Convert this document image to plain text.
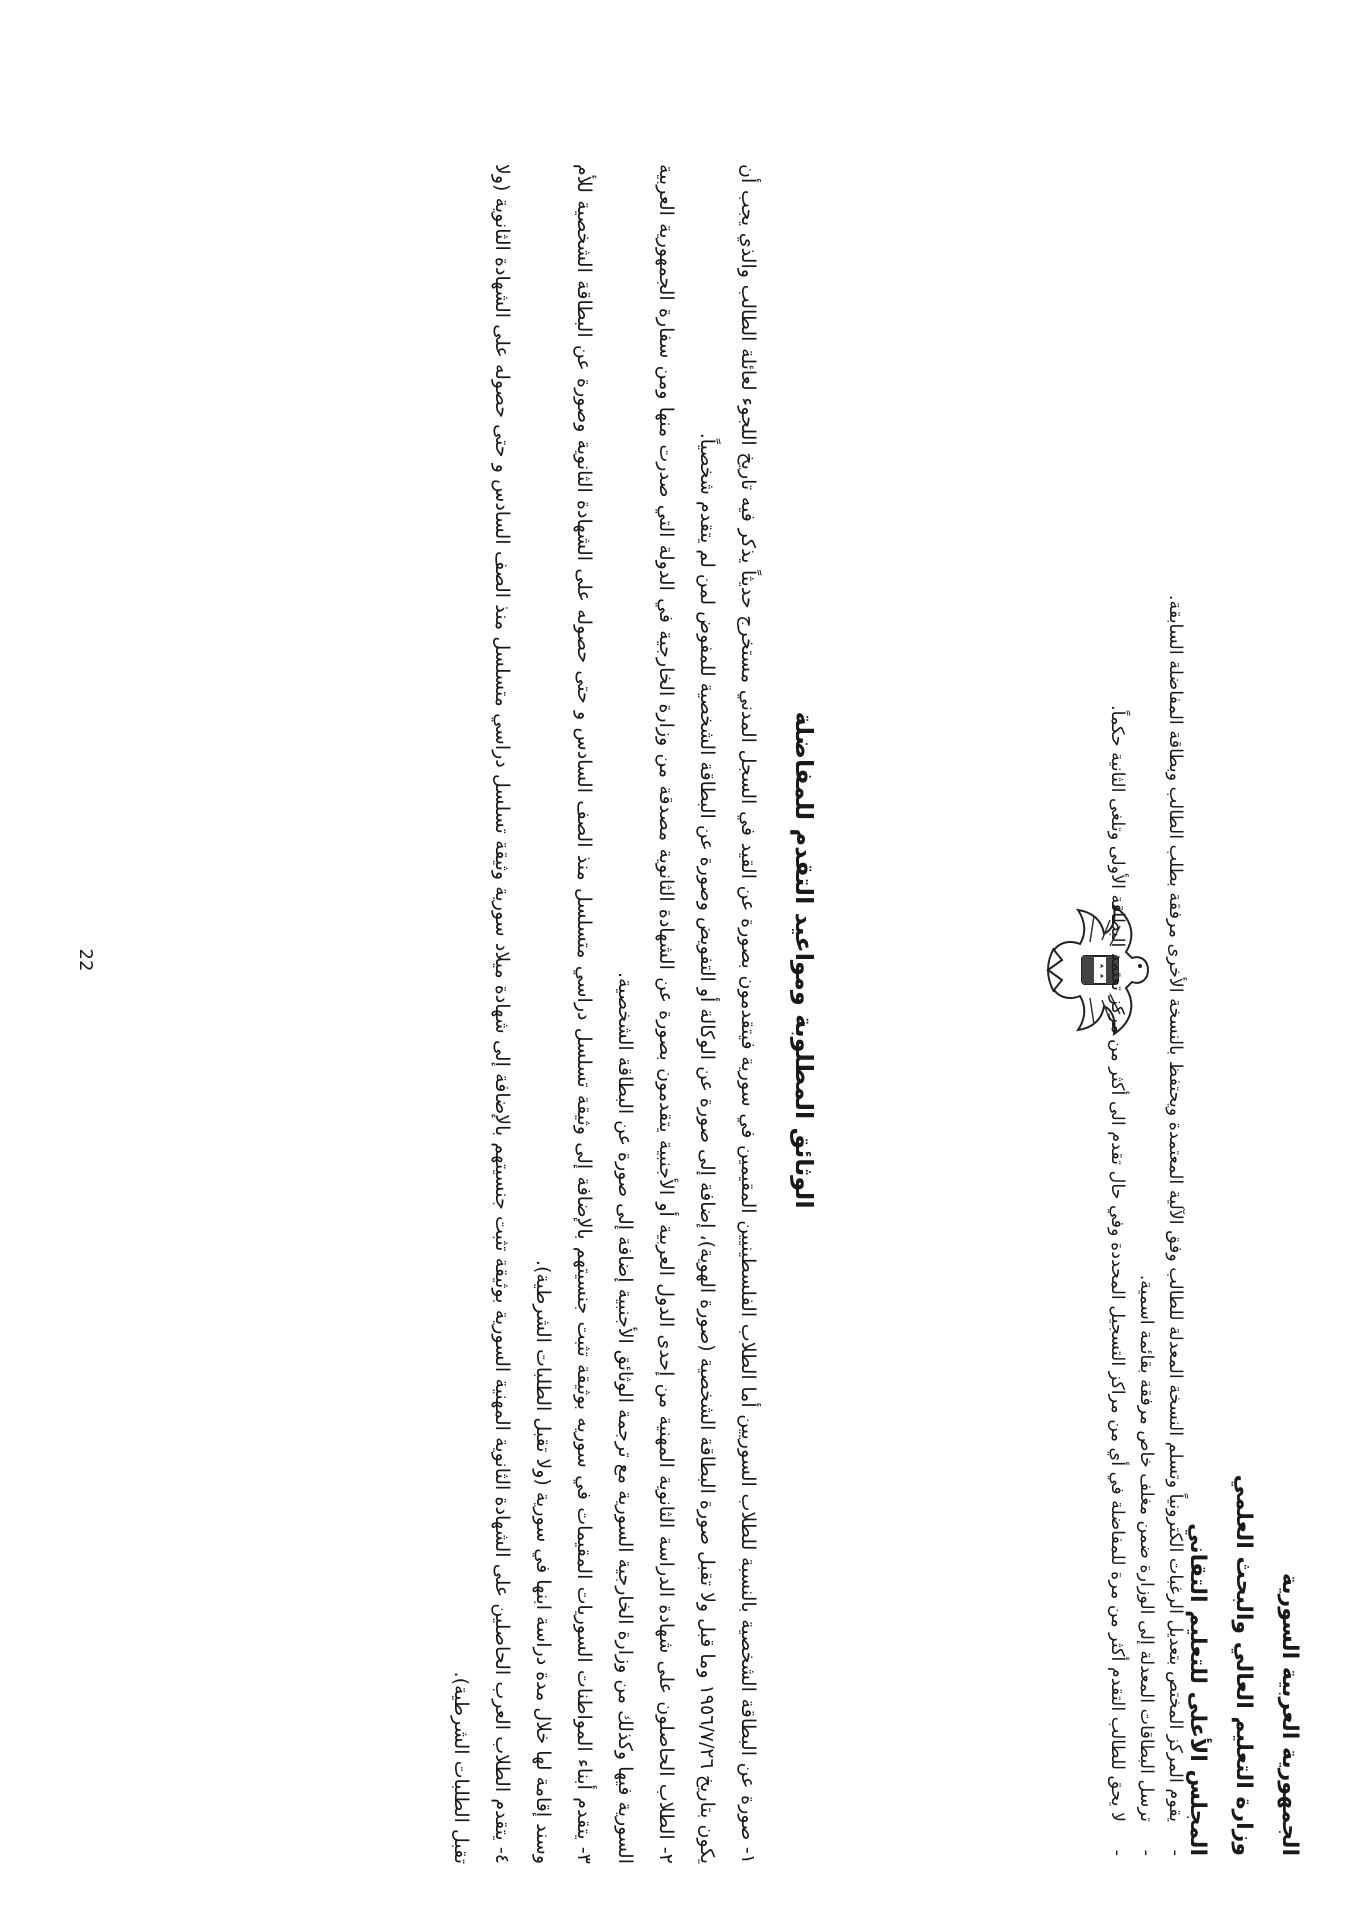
الجمهورية العربية السورية
وزارة التعليم العالي والبحث العلمي
المجلس الأعلى للتعليم التقاني
-
يقوم المركز المختص بتعديل الرغبات الكترونياً وتسلم النسخة المعدلة للطالب وفق الآلية المعتمدة ويحتفظ بالنسخة الأخرى مرفقة بطلب الطالب وبطاقة المفاضلة السابقة.
-
ترسل البطاقات المعدلة إلى الوزارة ضمن مغلف خاص مرفقة بقائمة اسمية.
-
لا يحق للطالب التقدم أكثر من مرة للمفاضلة في أي من مراكز التسجيل المحددة وفي حال تقدم الى أكثر من مركز تعتمد البطاقة الأولى وتلغى الثانية حكماً.
الوثائق المطلوبة ومواعيد التقدم للمفاضلة
١- صورة عن البطاقة الشخصية بالنسبة للطلاب السوريين أما الطلاب الفلسطينيين المقيمين في سورية فيتقدمون بصورة عن القيد في السجل المدني مستخرج حديثاً يذكر فيه تاريخ اللجوء لعائلة الطالب والذي يجب أن يكون بتاريخ ١٩٥٦/٧/٢٦ وما قبل ولا تقبل صورة البطاقة الشخصية (صورة الهوية)، إضافة إلى صورة عن الوكالة أو التفويض وصورة عن البطاقة الشخصية للمفوض لمن لم يتقدم شخصياً.
٢- الطلاب الحاصلون على شهادة الدراسة الثانوية المهنية من إحدى الدول العربية أو الأجنبية يتقدمون بصورة عن الشهادة الثانوية مصدقة من وزارة الخارجية في الدولة التي صدرت منها ومن سفارة الجمهورية العربية السورية فيها وكذلك من وزارة الخارجية السورية مع ترجمة الوثائق الأجنبية إضافة إلى صورة عن البطاقة الشخصية.
٣- يتقدم أبناء المواطنات السوريات المقيمات في سوريه بوثيقة تثبت جنسيتهم بالإضافة إلى وثيقة تسلسل دراسي متسلسل منذ الصف السادس و حتى حصوله على الشهادة الثانوية وصورة عن البطاقة الشخصية للأم وسند إقامة لها خلال مدة دراسة ابنها في سورية (ولا تقبل الطلبات الشرطية).
٤- يتقدم الطلاب العرب الحاصلين على الشهادة الثانوية المهنية السورية بوثيقة تثبت جنسيتهم بالإضافة إلى شهادة ميلاد سورية وثيقة تسلسل دراسي متسلسل منذ الصف السادس و حتى حصوله على الشهادة الثانوية (ولا تقبل الطلبات الشرطية).
22
